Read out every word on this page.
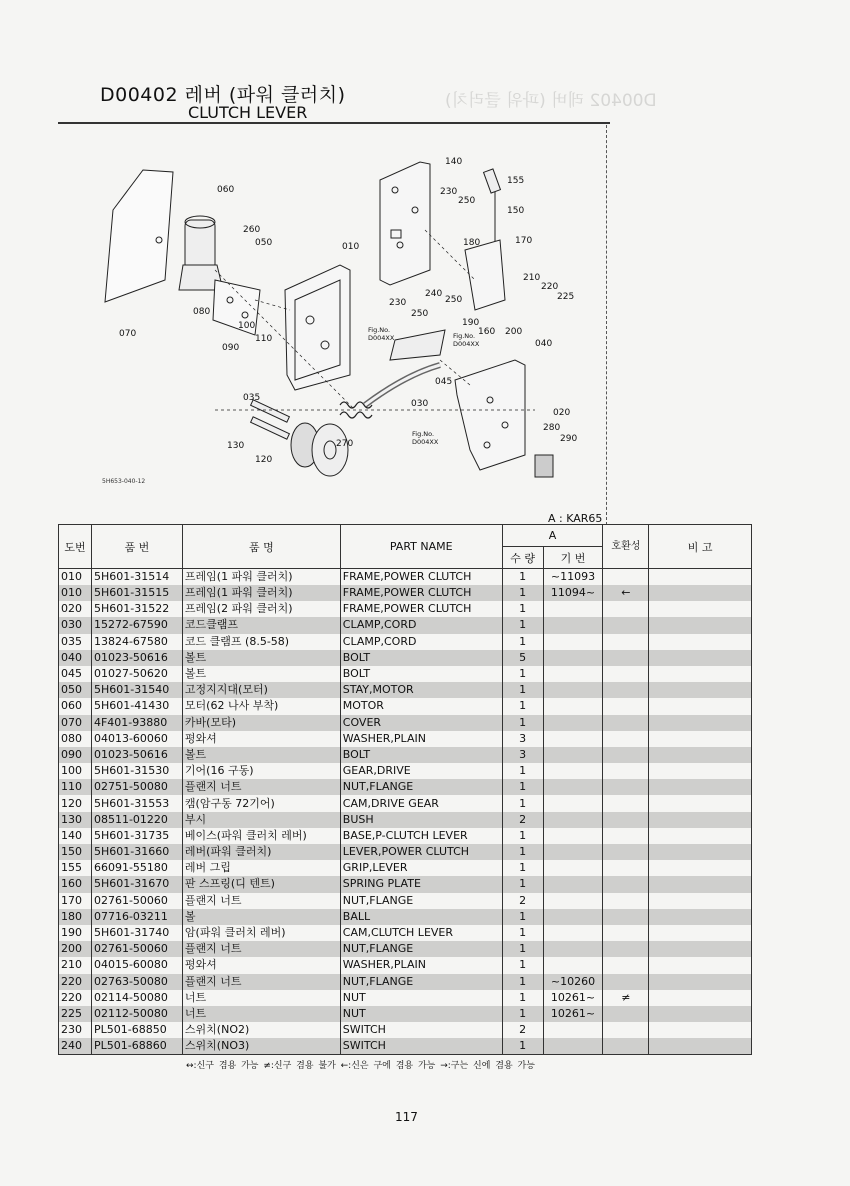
D00402 레버 (파워 클러치)
CLUTCH LEVER
D00402 레버 (파워 클러치)
060
260
050	010
070
080
100
110
090
035
140
230
250
155
150
180	170
210
220
225
240
230
250
250
190
160 200
040
045
030
020
280
290
270
130
120
Fig.No.
D004XX	Fig.No.
D004XX
Fig.No.
D004XX
5H653-040-12
A : KAR65
도번	품 번	품 명	PART NAME	A		호환성	비 고
				수 량	기 번		
010	5H601-31514	프레임(1 파워 클러치)	FRAME,POWER CLUTCH	1	~11093		
010	5H601-31515	프레임(1 파워 클러치)	FRAME,POWER CLUTCH	1	11094~	←	
020	5H601-31522	프레임(2 파워 클러치)	FRAME,POWER CLUTCH	1			
030	15272-67590	코드클램프	CLAMP,CORD	1			
035	13824-67580	코드 클램프 (8.5-58)	CLAMP,CORD	1			
040	01023-50616	볼트	BOLT	5			
045	01027-50620	볼트	BOLT	1			
050	5H601-31540	고정지지대(모터)	STAY,MOTOR	1			
060	5H601-41430	모터(62 나사 부착)	MOTOR	1			
070	4F401-93880	카바(모타)	COVER	1			
080	04013-60060	평와셔	WASHER,PLAIN	3			
090	01023-50616	볼트	BOLT	3			
100	5H601-31530	기어(16 구동)	GEAR,DRIVE	1			
110	02751-50080	플랜지 너트	NUT,FLANGE	1			
120	5H601-31553	캠(암구동 72기어)	CAM,DRIVE GEAR	1			
130	08511-01220	부시	BUSH	2			
140	5H601-31735	베이스(파워 클러치 레버)	BASE,P-CLUTCH LEVER	1			
150	5H601-31660	레버(파워 클러치)	LEVER,POWER CLUTCH	1			
155	66091-55180	레버 그립	GRIP,LEVER	1			
160	5H601-31670	판 스프링(디 텐트)	SPRING PLATE	1			
170	02761-50060	플랜지 너트	NUT,FLANGE	2			
180	07716-03211	볼	BALL	1			
190	5H601-31740	암(파워 클러치 레버)	CAM,CLUTCH LEVER	1			
200	02761-50060	플랜지 너트	NUT,FLANGE	1			
210	04015-60080	평와셔	WASHER,PLAIN	1			
220	02763-50080	플랜지 너트	NUT,FLANGE	1	~10260		
220	02114-50080	너트	NUT	1	10261~	≠	
225	02112-50080	너트	NUT	1	10261~		
230	PL501-68850	스위치(NO2)	SWITCH	2			
240	PL501-68860	스위치(NO3)	SWITCH	1			
↔:신구 겸용 가능 ≠:신구 겸용 불가 ←:신은 구에 겸용 가능 →:구는 신에 겸용 가능
117
